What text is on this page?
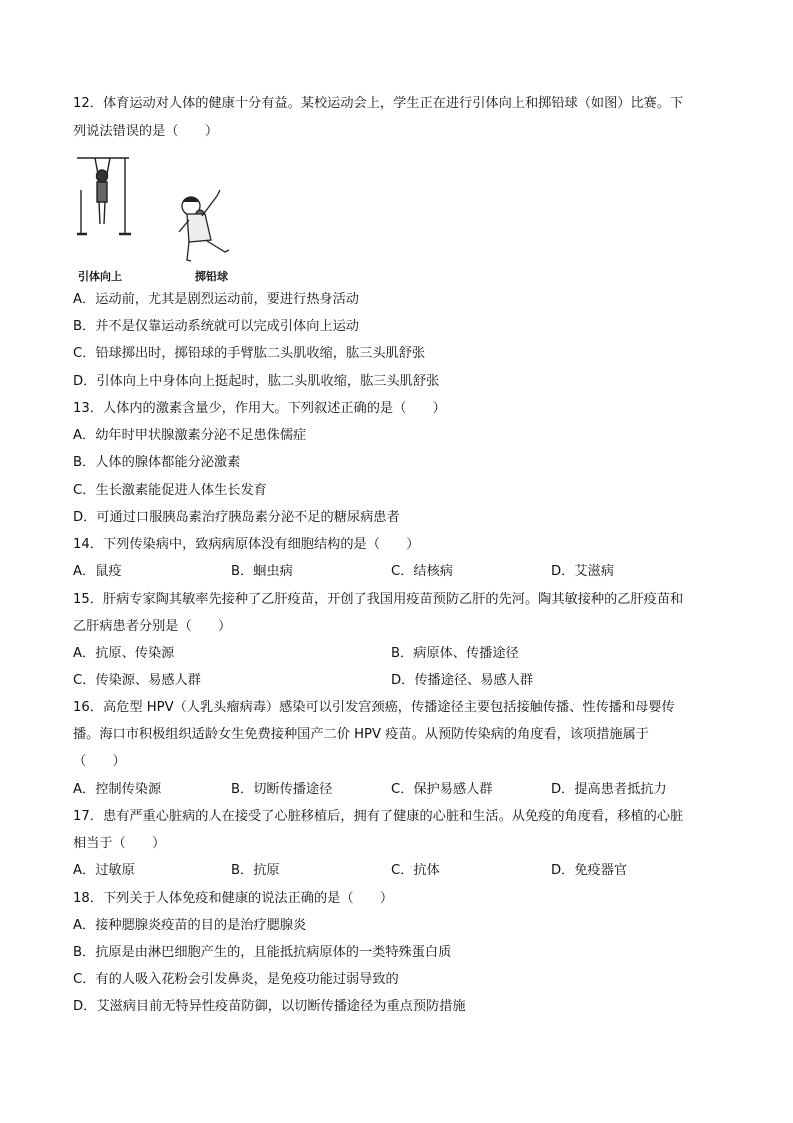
12．体育运动对人体的健康十分有益。某校运动会上，学生正在进行引体向上和掷铅球（如图）比赛。下
列说法错误的是（　　）
引体向上	掷铅球
A．运动前，尤其是剧烈运动前，要进行热身活动
B．并不是仅靠运动系统就可以完成引体向上运动
C．铅球掷出时，掷铅球的手臂肱二头肌收缩，肱三头肌舒张
D．引体向上中身体向上挺起时，肱二头肌收缩，肱三头肌舒张
13．人体内的激素含量少，作用大。下列叙述正确的是（　　）
A．幼年时甲状腺激素分泌不足患侏儒症
B．人体的腺体都能分泌激素
C．生长激素能促进人体生长发育
D．可通过口服胰岛素治疗胰岛素分泌不足的糖尿病患者
14．下列传染病中，致病病原体没有细胞结构的是（　　）
A．鼠疫	B．蛔虫病	C．结核病	D．艾滋病
15．肝病专家陶其敏率先接种了乙肝疫苗，开创了我国用疫苗预防乙肝的先河。陶其敏接种的乙肝疫苗和
乙肝病患者分别是（　　）
A．抗原、传染源	B．病原体、传播途径
C．传染源、易感人群	D．传播途径、易感人群
16．高危型 HPV（人乳头瘤病毒）感染可以引发宫颈癌，传播途径主要包括接触传播、性传播和母婴传
播。海口市积极组织适龄女生免费接种国产二价 HPV 疫苗。从预防传染病的角度看，该项措施属于
（　　）
A．控制传染源	B．切断传播途径	C．保护易感人群	D．提高患者抵抗力
17．患有严重心脏病的人在接受了心脏移植后，拥有了健康的心脏和生活。从免疫的角度看，移植的心脏
相当于（　　）
A．过敏原	B．抗原	C．抗体	D．免疫器官
18．下列关于人体免疫和健康的说法正确的是（　　）
A．接种腮腺炎疫苗的目的是治疗腮腺炎
B．抗原是由淋巴细胞产生的，且能抵抗病原体的一类特殊蛋白质
C．有的人吸入花粉会引发鼻炎，是免疫功能过弱导致的
D．艾滋病目前无特异性疫苗防御，以切断传播途径为重点预防措施
